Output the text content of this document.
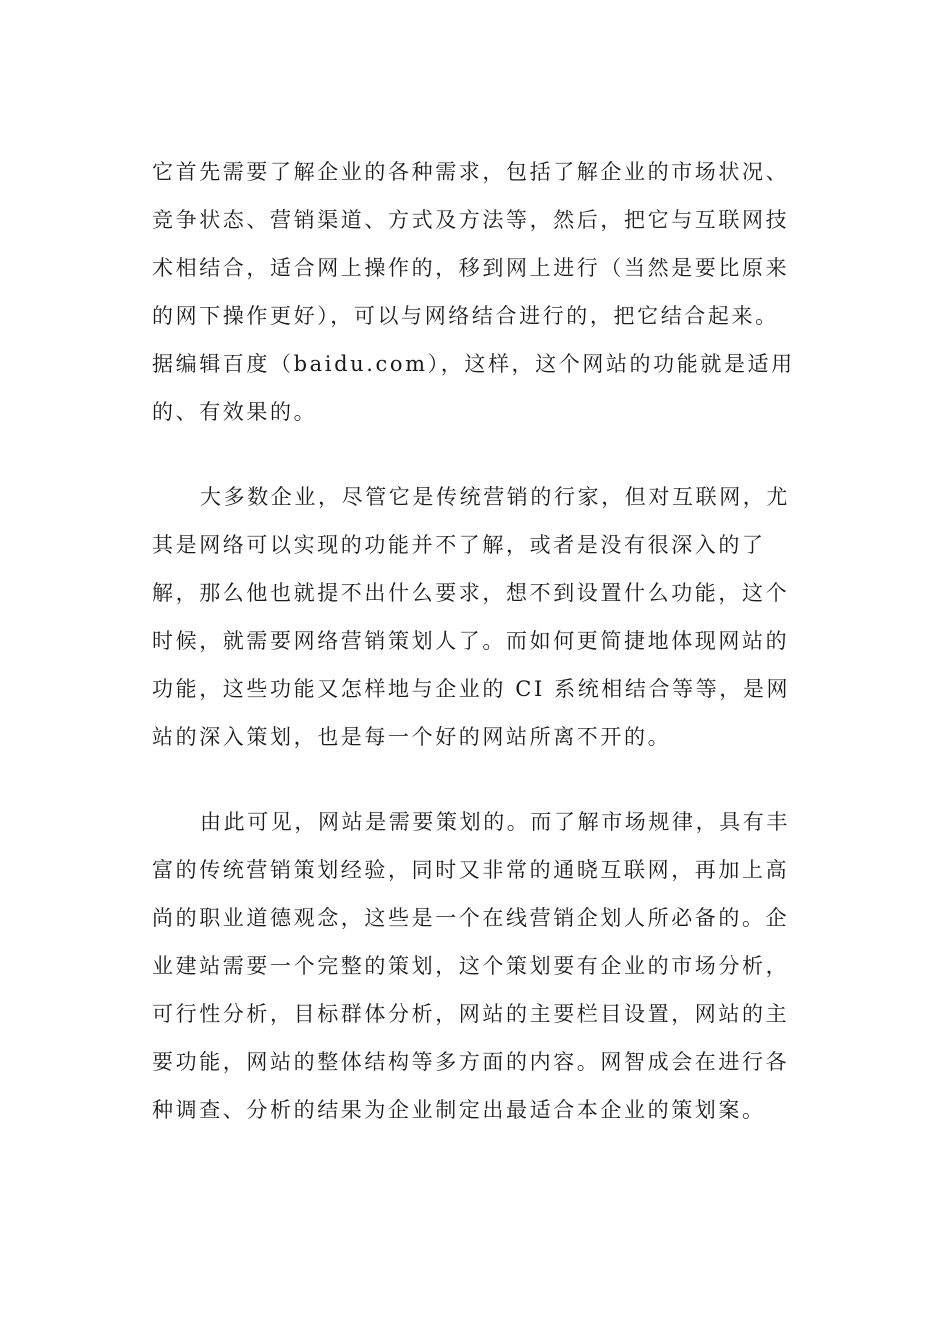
它首先需要了解企业的各种需求，包括了解企业的市场状况、
竞争状态、营销渠道、方式及方法等，然后，把它与互联网技
术相结合，适合网上操作的，移到网上进行（当然是要比原来
的网下操作更好），可以与网络结合进行的，把它结合起来。
据编辑百度（baidu.com），这样，这个网站的功能就是适用
的、有效果的。

大多数企业，尽管它是传统营销的行家，但对互联网，尤
其是网络可以实现的功能并不了解，或者是没有很深入的了
解，那么他也就提不出什么要求，想不到设置什么功能，这个
时候，就需要网络营销策划人了。而如何更简捷地体现网站的
功能，这些功能又怎样地与企业的 CI 系统相结合等等，是网
站的深入策划，也是每一个好的网站所离不开的。

由此可见，网站是需要策划的。而了解市场规律，具有丰
富的传统营销策划经验，同时又非常的通晓互联网，再加上高
尚的职业道德观念，这些是一个在线营销企划人所必备的。企
业建站需要一个完整的策划，这个策划要有企业的市场分析，
可行性分析，目标群体分析，网站的主要栏目设置，网站的主
要功能，网站的整体结构等多方面的内容。网智成会在进行各
种调查、分析的结果为企业制定出最适合本企业的策划案。
